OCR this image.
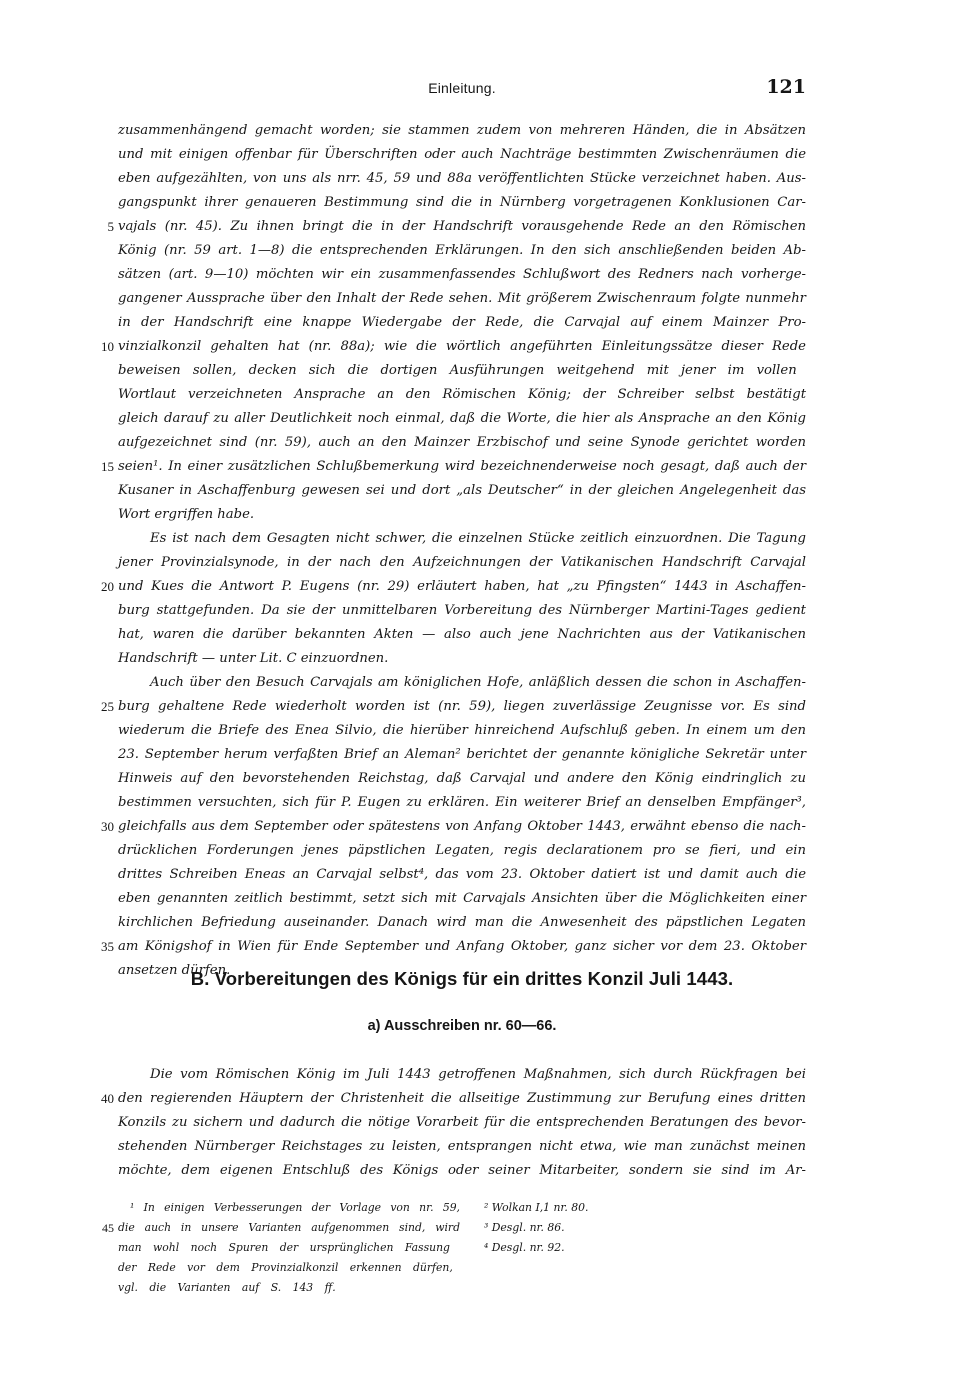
Einleitung.	121
zusammenhängend gemacht worden; sie stammen zudem von mehreren Händen, die in Absätzen
und mit einigen offenbar für Überschriften oder auch Nachträge bestimmten Zwischenräumen die
eben aufgezählten, von uns als nrr. 45, 59 und 88a veröffentlichten Stücke verzeichnet haben. Aus-
gangspunkt ihrer genaueren Bestimmung sind die in Nürnberg vorgetragenen Konklusionen Car-
vajals (nr. 45). Zu ihnen bringt die in der Handschrift vorausgehende Rede an den Römischen
König (nr. 59 art. 1—8) die entsprechenden Erklärungen. In den sich anschließenden beiden Ab-
sätzen (art. 9—10) möchten wir ein zusammenfassendes Schlußwort des Redners nach vorherge-
gangener Aussprache über den Inhalt der Rede sehen. Mit größerem Zwischenraum folgte nunmehr
in der Handschrift eine knappe Wiedergabe der Rede, die Carvajal auf einem Mainzer Pro-
vinzialkonzil gehalten hat (nr. 88a); wie die wörtlich angeführten Einleitungssätze dieser Rede
beweisen sollen, decken sich die dortigen Ausführungen weitgehend mit jener im vollen
Wortlaut verzeichneten Ansprache an den Römischen König; der Schreiber selbst bestätigt
gleich darauf zu aller Deutlichkeit noch einmal, daß die Worte, die hier als Ansprache an den König
aufgezeichnet sind (nr. 59), auch an den Mainzer Erzbischof und seine Synode gerichtet worden
seien¹. In einer zusätzlichen Schlußbemerkung wird bezeichnenderweise noch gesagt, daß auch der
Kusaner in Aschaffenburg gewesen sei und dort „als Deutscher“ in der gleichen Angelegenheit das
Wort ergriffen habe.
Es ist nach dem Gesagten nicht schwer, die einzelnen Stücke zeitlich einzuordnen. Die Tagung
jener Provinzialsynode, in der nach den Aufzeichnungen der Vatikanischen Handschrift Carvajal
und Kues die Antwort P. Eugens (nr. 29) erläutert haben, hat „zu Pfingsten“ 1443 in Aschaffen-
burg stattgefunden. Da sie der unmittelbaren Vorbereitung des Nürnberger Martini-Tages gedient
hat, waren die darüber bekannten Akten — also auch jene Nachrichten aus der Vatikanischen
Handschrift — unter Lit. C einzuordnen.
Auch über den Besuch Carvajals am königlichen Hofe, anläßlich dessen die schon in Aschaffen-
burg gehaltene Rede wiederholt worden ist (nr. 59), liegen zuverlässige Zeugnisse vor. Es sind
wiederum die Briefe des Enea Silvio, die hierüber hinreichend Aufschluß geben. In einem um den
23. September herum verfaßten Brief an Aleman² berichtet der genannte königliche Sekretär unter
Hinweis auf den bevorstehenden Reichstag, daß Carvajal und andere den König eindringlich zu
bestimmen versuchten, sich für P. Eugen zu erklären. Ein weiterer Brief an denselben Empfänger³,
gleichfalls aus dem September oder spätestens von Anfang Oktober 1443, erwähnt ebenso die nach-
drücklichen Forderungen jenes päpstlichen Legaten, regis declarationem pro se fieri, und ein
drittes Schreiben Eneas an Carvajal selbst⁴, das vom 23. Oktober datiert ist und damit auch die
eben genannten zeitlich bestimmt, setzt sich mit Carvajals Ansichten über die Möglichkeiten einer
kirchlichen Befriedung auseinander. Danach wird man die Anwesenheit des päpstlichen Legaten
am Königshof in Wien für Ende September und Anfang Oktober, ganz sicher vor dem 23. Oktober
ansetzen dürfen.
B. Vorbereitungen des Königs für ein drittes Konzil Juli 1443.
a) Ausschreiben nr. 60—66.
Die vom Römischen König im Juli 1443 getroffenen Maßnahmen, sich durch Rückfragen bei
den regierenden Häuptern der Christenheit die allseitige Zustimmung zur Berufung eines dritten
Konzils zu sichern und dadurch die nötige Vorarbeit für die entsprechenden Beratungen des bevor-
stehenden Nürnberger Reichstages zu leisten, entsprangen nicht etwa, wie man zunächst meinen
möchte, dem eigenen Entschluß des Königs oder seiner Mitarbeiter, sondern sie sind im Ar-
5
10
15
20
25
30
35
40
45
¹ In einigen Verbesserungen der Vorlage von nr. 59,
die auch in unsere Varianten aufgenommen sind, wird
man wohl noch Spuren der ursprünglichen Fassung
der Rede vor dem Provinzialkonzil erkennen dürfen,
vgl. die Varianten auf S. 143 ff.
² Wolkan I,1 nr. 80.
³ Desgl. nr. 86.
⁴ Desgl. nr. 92.
